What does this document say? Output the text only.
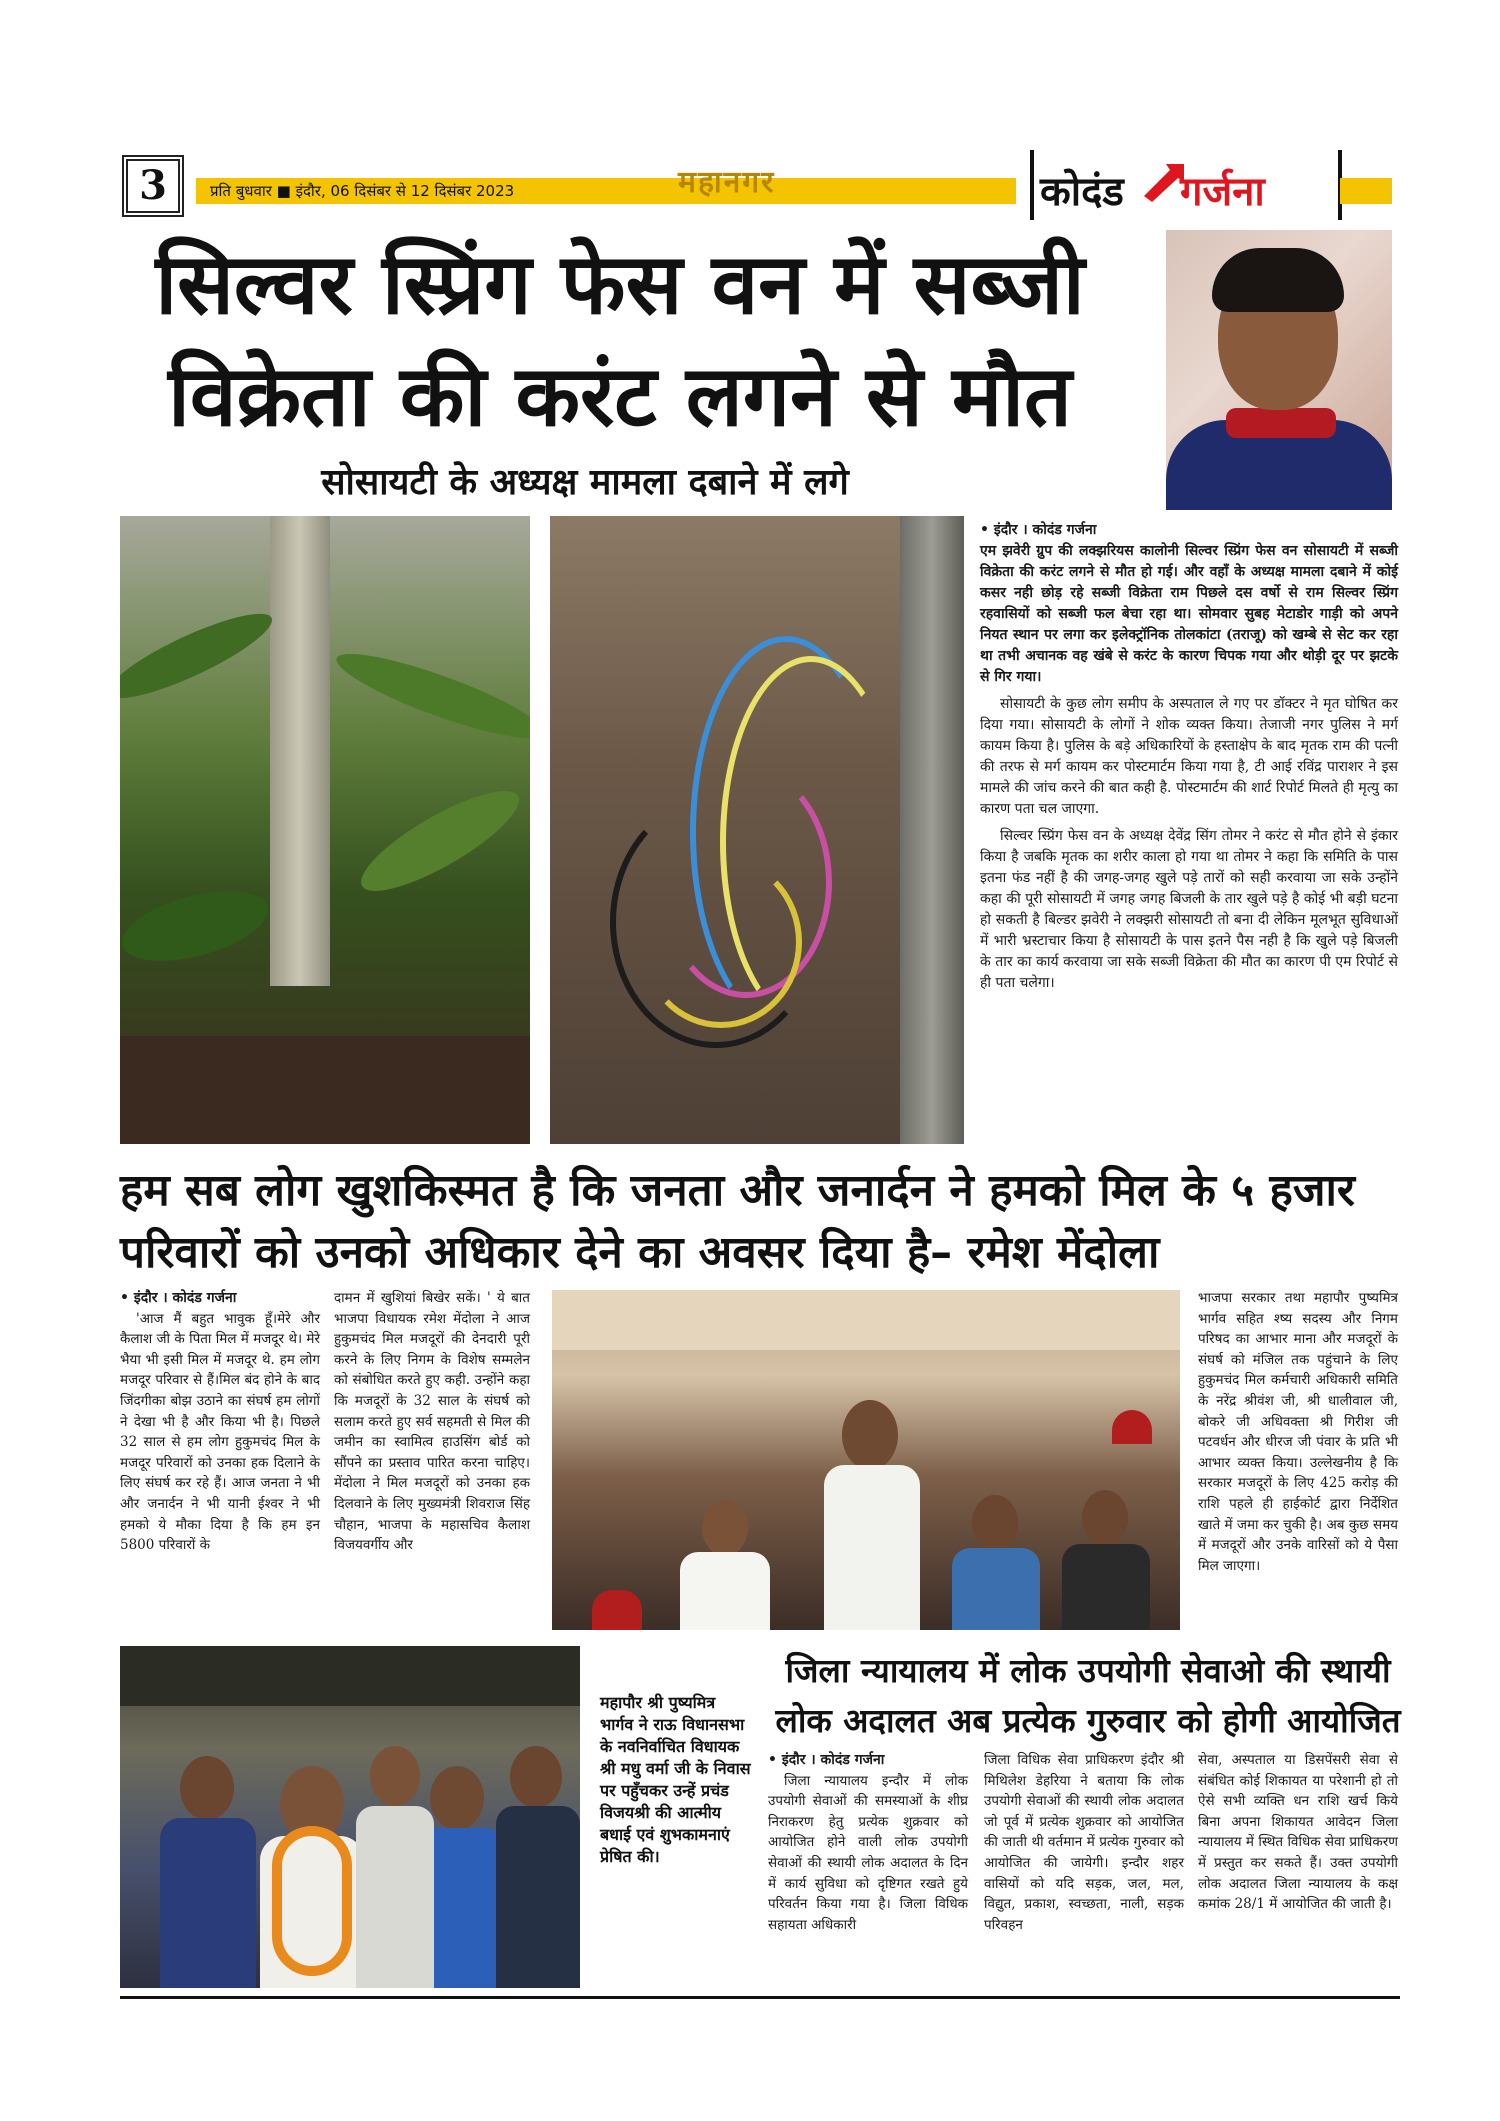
3	प्रति बुधवार ■ इंदौर, 06 दिसंबर से 12 दिसंबर 2023	महानगर	कोदंड गर्जना
सिल्वर स्प्रिंग फेस वन में सब्जी
विक्रेता की करंट लगने से मौत
सोसायटी के अध्यक्ष मामला दबाने में लगे
• इंदौर । कोदंड गर्जना

एम झवेरी ग्रुप की लक्झरियस कालोनी सिल्वर स्प्रिंग फेस वन सोसायटी में सब्जी विक्रेता की करंट लगने से मौत हो गई। और वहाँ के अध्यक्ष मामला दबाने में कोई कसर नही छोड़ रहे सब्जी विक्रेता राम पिछले दस वर्षो से राम सिल्वर स्प्रिंग रहवासियों को सब्जी फल बेचा रहा था। सोमवार सुबह मेटाडोर गाड़ी को अपने नियत स्थान पर लगा कर इलेक्ट्रॉनिक तोलकांटा (तराजू) को खम्बे से सेट कर रहा था तभी अचानक वह खंबे से करंट के कारण चिपक गया और थोड़ी दूर पर झटके से गिर गया।

सोसायटी के कुछ लोग समीप के अस्पताल ले गए पर डॉक्टर ने मृत घोषित कर दिया गया। सोसायटी के लोगों ने शोक व्यक्त किया। तेजाजी नगर पुलिस ने मर्ग कायम किया है। पुलिस के बड़े अधिकारियों के हस्ताक्षेप के बाद मृतक राम की पत्नी की तरफ से मर्ग कायम कर पोस्टमार्टम किया गया है, टी आई रविंद्र पाराशर ने इस मामले की जांच करने की बात कही है. पोस्टमार्टम की शार्ट रिपोर्ट मिलते ही मृत्यु का कारण पता चल जाएगा.

सिल्वर स्प्रिंग फेस वन के अध्यक्ष देवेंद्र सिंग तोमर ने करंट से मौत होने से इंकार किया है जबकि मृतक का शरीर काला हो गया था तोमर ने कहा कि समिति के पास इतना फंड नहीं है की जगह-जगह खुले पड़े तारों को सही करवाया जा सके उन्होंने कहा की पूरी सोसायटी में जगह जगह बिजली के तार खुले पड़े है कोई भी बड़ी घटना हो सकती है बिल्डर झवेरी ने लक्झरी सोसायटी तो बना दी लेकिन मूलभूत सुविधाओं में भारी भ्रस्टाचार किया है सोसायटी के पास इतने पैस नही है कि खुले पड़े बिजली के तार का कार्य करवाया जा सके सब्जी विक्रेता की मौत का कारण पी एम रिपोर्ट से ही पता चलेगा।

हम सब लोग खुशकिस्मत है कि जनता और जनार्दन ने हमको मिल के ५ हजार परिवारों को उनको अधिकार देने का अवसर दिया है– रमेश मेंदोला
• इंदौर । कोदंड गर्जना
'आज मैं बहुत भावुक हूँ।मेरे और कैलाश जी के पिता मिल में मजदूर थे। मेरे भैया भी इसी मिल में मजदूर थे. हम लोग मजदूर परिवार से हैं।मिल बंद होने के बाद जिंदगीका बोझ उठाने का संघर्ष हम लोगों ने देखा भी है और किया भी है। पिछले 32 साल से हम लोग हुकुमचंद मिल के मजदूर परिवारों को उनका हक दिलाने के लिए संघर्ष कर रहे हैं। आज जनता ने भी और जनार्दन ने भी यानी ईश्वर ने भी हमको ये मौका दिया है कि हम इन 5800 परिवारों के
दामन में खुशियां बिखेर सकें। ' ये बात भाजपा विधायक रमेश मेंदोला ने आज हुकुमचंद मिल मजदूरों की देनदारी पूरी करने के लिए निगम के विशेष सम्मलेन को संबोधित करते हुए कही. उन्होंने कहा कि मजदूरों के 32 साल के संघर्ष को सलाम करते हुए सर्व सहमती से मिल की जमीन का स्वामित्व हाउसिंग बोर्ड को सौंपने का प्रस्ताव पारित करना चाहिए। मेंदोला ने मिल मजदूरों को उनका हक दिलवाने के लिए मुख्यमंत्री शिवराज सिंह चौहान, भाजपा के महासचिव कैलाश विजयवर्गीय और
भाजपा सरकार तथा महापौर पुष्यमित्र भार्गव सहित श्ष्य सदस्य और निगम परिषद का आभार माना और मजदूरों के संघर्ष को मंजिल तक पहुंचाने के लिए हुकुमचंद मिल कर्मचारी अधिकारी समिति के नरेंद्र श्रीवंश जी, श्री धालीवाल जी, बोकरे जी अधिवक्ता श्री गिरीश जी पटवर्धन और धीरज जी पंवार के प्रति भी आभार व्यक्त किया। उल्लेखनीय है कि सरकार मजदूरों के लिए 425 करोड़ की राशि पहले ही हाईकोर्ट द्वारा निर्देशित खाते में जमा कर चुकी है। अब कुछ समय में मजदूरों और उनके वारिसों को ये पैसा मिल जाएगा।
महापौर श्री पुष्यमित्र भार्गव ने राऊ विधानसभा के नवनिर्वाचित विधायक श्री मधु वर्मा जी के निवास पर पहुँचकर उन्हें प्रचंड विजयश्री की आत्मीय बधाई एवं शुभकामनाएं प्रेषित की।
जिला न्यायालय में लोक उपयोगी सेवाओ की स्थायी लोक अदालत अब प्रत्येक गुरुवार को होगी आयोजित
• इंदौर । कोदंड गर्जना
जिला न्यायालय इन्दौर में लोक उपयोगी सेवाओं की समस्याओं के शीघ्र निराकरण हेतु प्रत्येक शुक्रवार को आयोजित होने वाली लोक उपयोगी सेवाओं की स्थायी लोक अदालत के दिन में कार्य सुविधा को दृष्टिगत रखते हुये परिवर्तन किया गया है। जिला विधिक सहायता अधिकारी
जिला विधिक सेवा प्राधिकरण इंदौर श्री मिथिलेश डेहरिया ने बताया कि लोक उपयोगी सेवाओं की स्थायी लोक अदालत जो पूर्व में प्रत्येक शुक्रवार को आयोजित की जाती थी वर्तमान में प्रत्येक गुरुवार को आयोजित की जायेगी। इन्दौर शहर वासियों को यदि सड़क, जल, मल, विद्युत, प्रकाश, स्वच्छता, नाली, सड़क परिवहन
सेवा, अस्पताल या डिसपेंसरी सेवा से संबंधित कोई शिकायत या परेशानी हो तो ऐसे सभी व्यक्ति धन राशि खर्च किये बिना अपना शिकायत आवेदन जिला न्यायालय में स्थित विधिक सेवा प्राधिकरण में प्रस्तुत कर सकते हैं। उक्त उपयोगी लोक अदालत जिला न्यायालय के कक्ष कमांक 28/1 में आयोजित की जाती है।
